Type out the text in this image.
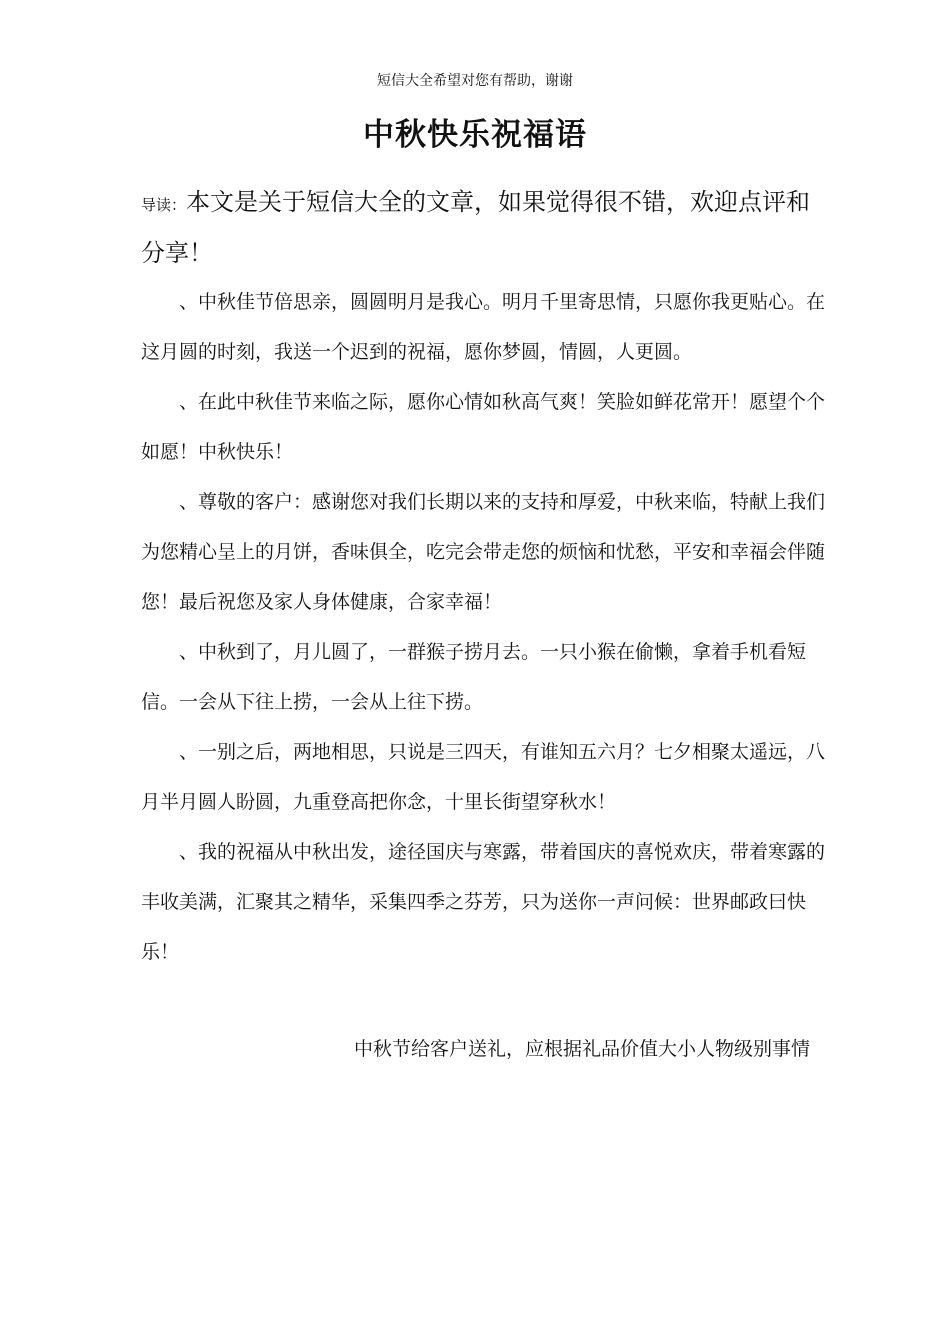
短信大全希望对您有帮助，谢谢
中秋快乐祝福语
导读：本文是关于短信大全的文章，如果觉得很不错，欢迎点评和分享！

、中秋佳节倍思亲，圆圆明月是我心。明月千里寄思情，只愿你我更贴心。在这月圆的时刻，我送一个迟到的祝福，愿你梦圆，情圆，人更圆。

、在此中秋佳节来临之际，愿你心情如秋高气爽！笑脸如鲜花常开！愿望个个如愿！中秋快乐！

、尊敬的客户：感谢您对我们长期以来的支持和厚爱，中秋来临，特献上我们为您精心呈上的月饼，香味俱全，吃完会带走您的烦恼和忧愁，平安和幸福会伴随您！最后祝您及家人身体健康，合家幸福！

、中秋到了，月儿圆了，一群猴子捞月去。一只小猴在偷懒，拿着手机看短信。一会从下往上捞，一会从上往下捞。

、一别之后，两地相思，只说是三四天，有谁知五六月？七夕相聚太遥远，八月半月圆人盼圆，九重登高把你念，十里长街望穿秋水！

、我的祝福从中秋出发，途径国庆与寒露，带着国庆的喜悦欢庆，带着寒露的丰收美满，汇聚其之精华，采集四季之芬芳，只为送你一声问候：世界邮政曰快乐！

中秋节给客户送礼，应根据礼品价值大小人物级别事情
